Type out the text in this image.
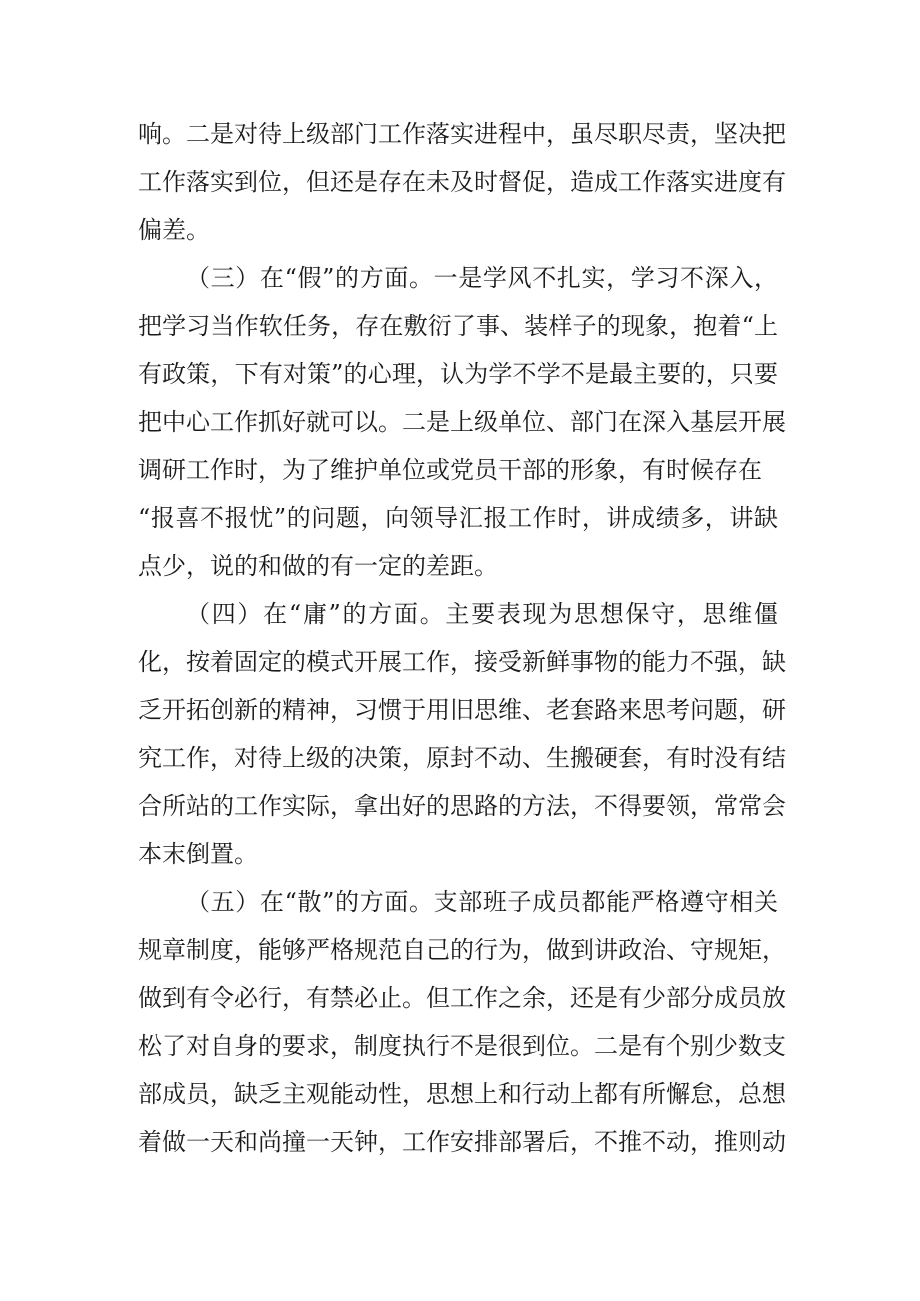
响。二是对待上级部门工作落实进程中，虽尽职尽责，坚决把
工作落实到位，但还是存在未及时督促，造成工作落实进度有
偏差。
（三）在“假”的方面。一是学风不扎实，学习不深入，
把学习当作软任务，存在敷衍了事、装样子的现象，抱着“上
有政策，下有对策”的心理，认为学不学不是最主要的，只要
把中心工作抓好就可以。二是上级单位、部门在深入基层开展
调研工作时，为了维护单位或党员干部的形象，有时候存在
“报喜不报忧”的问题，向领导汇报工作时，讲成绩多，讲缺
点少，说的和做的有一定的差距。
（四）在“庸”的方面。主要表现为思想保守，思维僵
化，按着固定的模式开展工作，接受新鲜事物的能力不强，缺
乏开拓创新的精神，习惯于用旧思维、老套路来思考问题，研
究工作，对待上级的决策，原封不动、生搬硬套，有时没有结
合所站的工作实际，拿出好的思路的方法，不得要领，常常会
本末倒置。
（五）在“散”的方面。支部班子成员都能严格遵守相关
规章制度，能够严格规范自己的行为，做到讲政治、守规矩，
做到有令必行，有禁必止。但工作之余，还是有少部分成员放
松了对自身的要求，制度执行不是很到位。二是有个别少数支
部成员，缺乏主观能动性，思想上和行动上都有所懈怠，总想
着做一天和尚撞一天钟，工作安排部署后，不推不动，推则动
